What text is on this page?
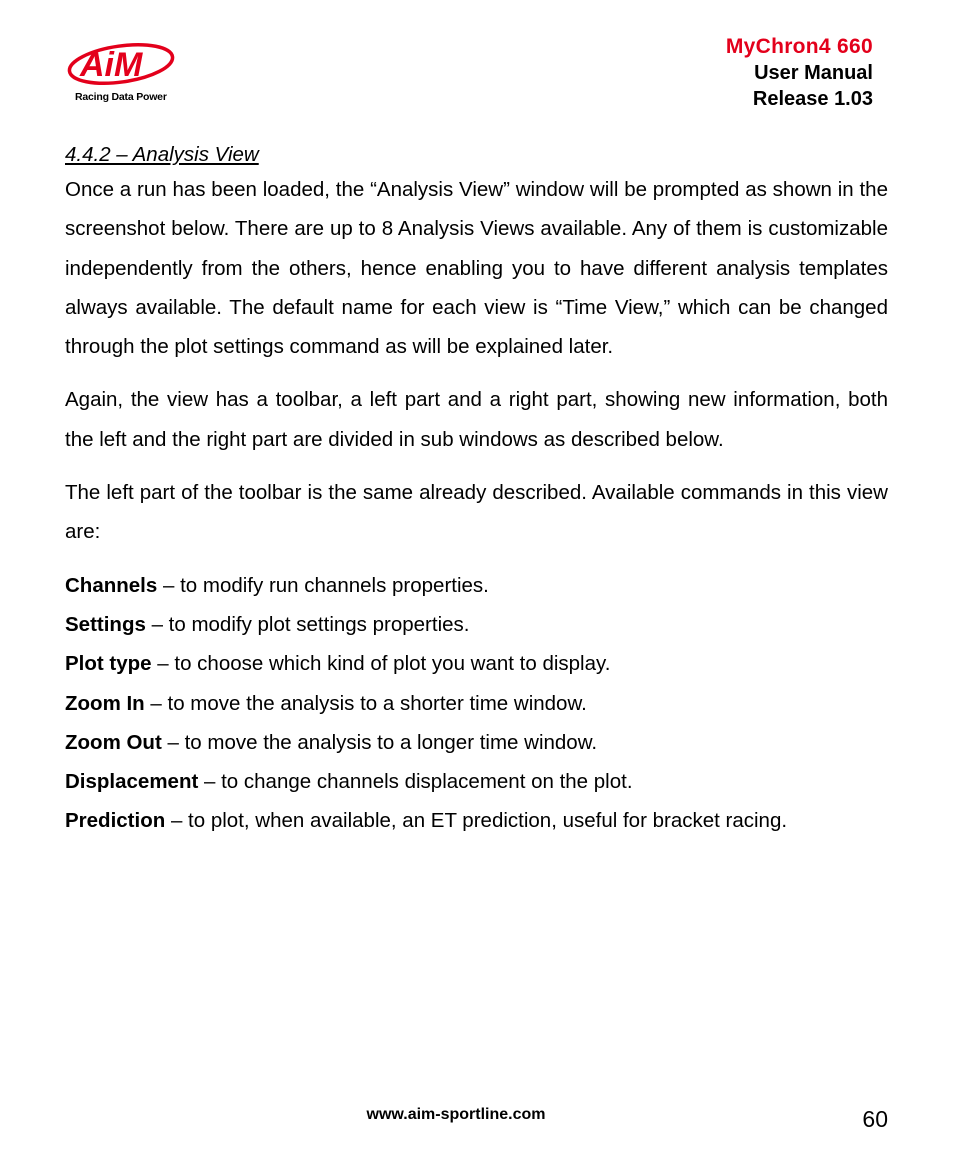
AiM
Racing Data Power
MyChron4 660
User Manual
Release 1.03

4.4.2 – Analysis View

Once a run has been loaded, the “Analysis View” window will be prompted as shown in the screenshot below. There are up to 8 Analysis Views available. Any of them is customizable independently from the others, hence enabling you to have different analysis templates always available. The default name for each view is “Time View,” which can be changed through the plot settings command as will be explained later.

Again, the view has a toolbar, a left part and a right part, showing new information, both the left and the right part are divided in sub windows as described below.

The left part of the toolbar is the same already described. Available commands in this view are:

Channels – to modify run channels properties.

Settings – to modify plot settings properties.

Plot type – to choose which kind of plot you want to display.

Zoom In – to move the analysis to a shorter time window.

Zoom Out – to move the analysis to a longer time window.

Displacement – to change channels displacement on the plot.

Prediction – to plot, when available, an ET prediction, useful for bracket racing.

www.aim-sportline.com	60
